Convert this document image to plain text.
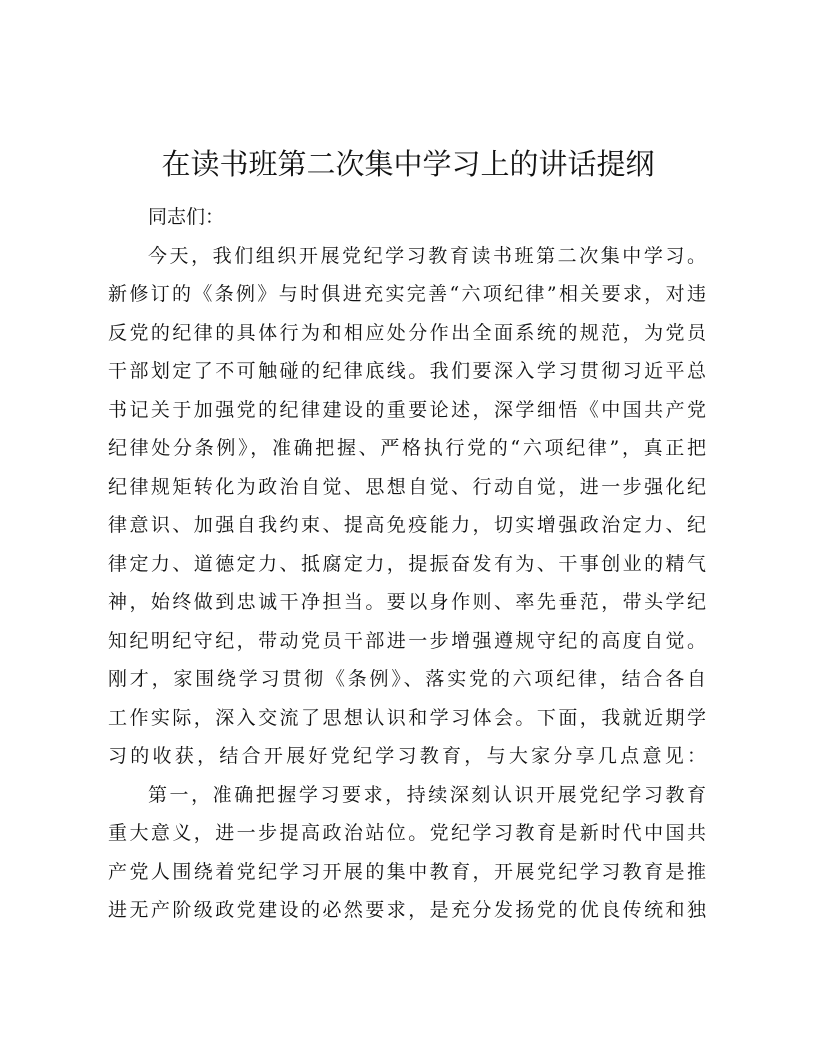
在读书班第二次集中学习上的讲话提纲
同志们：
今天，我们组织开展党纪学习教育读书班第二次集中学习。
新修订的《条例》与时俱进充实完善“六项纪律”相关要求，对违
反党的纪律的具体行为和相应处分作出全面系统的规范，为党员
干部划定了不可触碰的纪律底线。我们要深入学习贯彻习近平总
书记关于加强党的纪律建设的重要论述，深学细悟《中国共产党
纪律处分条例》，准确把握、严格执行党的“六项纪律”，真正把
纪律规矩转化为政治自觉、思想自觉、行动自觉，进一步强化纪
律意识、加强自我约束、提高免疫能力，切实增强政治定力、纪
律定力、道德定力、抵腐定力，提振奋发有为、干事创业的精气
神，始终做到忠诚干净担当。要以身作则、率先垂范，带头学纪
知纪明纪守纪，带动党员干部进一步增强遵规守纪的高度自觉。
刚才，家围绕学习贯彻《条例》、落实党的六项纪律，结合各自
工作实际，深入交流了思想认识和学习体会。下面，我就近期学
习的收获，结合开展好党纪学习教育，与大家分享几点意见：
第一，准确把握学习要求，持续深刻认识开展党纪学习教育
重大意义，进一步提高政治站位。党纪学习教育是新时代中国共
产党人围绕着党纪学习开展的集中教育，开展党纪学习教育是推
进无产阶级政党建设的必然要求，是充分发扬党的优良传统和独
